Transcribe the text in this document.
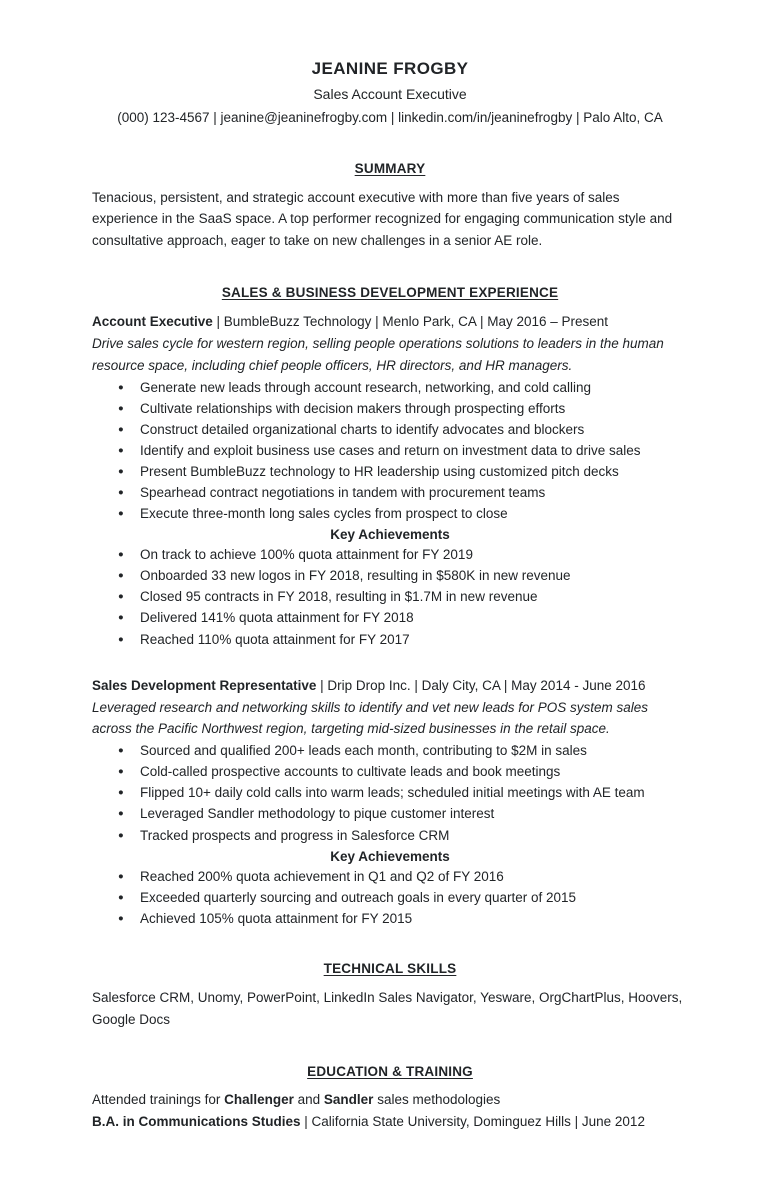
JEANINE FROGBY
Sales Account Executive
(000) 123-4567 | jeanine@jeaninefrogby.com | linkedin.com/in/jeaninefrogby | Palo Alto, CA
SUMMARY

Tenacious, persistent, and strategic account executive with more than five years of sales experience in the SaaS space. A top performer recognized for engaging communication style and consultative approach, eager to take on new challenges in a senior AE role.

SALES & BUSINESS DEVELOPMENT EXPERIENCE

Account Executive | BumbleBuzz Technology | Menlo Park, CA | May 2016 – Present

Drive sales cycle for western region, selling people operations solutions to leaders in the human resource space, including chief people officers, HR directors, and HR managers.

● Generate new leads through account research, networking, and cold calling
● Cultivate relationships with decision makers through prospecting efforts
● Construct detailed organizational charts to identify advocates and blockers
● Identify and exploit business use cases and return on investment data to drive sales
● Present BumbleBuzz technology to HR leadership using customized pitch decks
● Spearhead contract negotiations in tandem with procurement teams
● Execute three-month long sales cycles from prospect to close

Key Achievements

● On track to achieve 100% quota attainment for FY 2019
● Onboarded 33 new logos in FY 2018, resulting in $580K in new revenue
● Closed 95 contracts in FY 2018, resulting in $1.7M in new revenue
● Delivered 141% quota attainment for FY 2018
● Reached 110% quota attainment for FY 2017

Sales Development Representative | Drip Drop Inc. | Daly City, CA | May 2014 - June 2016

Leveraged research and networking skills to identify and vet new leads for POS system sales across the Pacific Northwest region, targeting mid-sized businesses in the retail space.

● Sourced and qualified 200+ leads each month, contributing to $2M in sales
● Cold-called prospective accounts to cultivate leads and book meetings
● Flipped 10+ daily cold calls into warm leads; scheduled initial meetings with AE team
● Leveraged Sandler methodology to pique customer interest
● Tracked prospects and progress in Salesforce CRM

Key Achievements

● Reached 200% quota achievement in Q1 and Q2 of FY 2016
● Exceeded quarterly sourcing and outreach goals in every quarter of 2015
● Achieved 105% quota attainment for FY 2015
TECHNICAL SKILLS

Salesforce CRM, Unomy, PowerPoint, LinkedIn Sales Navigator, Yesware, OrgChartPlus, Hoovers, Google Docs

EDUCATION & TRAINING

Attended trainings for Challenger and Sandler sales methodologies

B.A. in Communications Studies | California State University, Dominguez Hills | June 2012
